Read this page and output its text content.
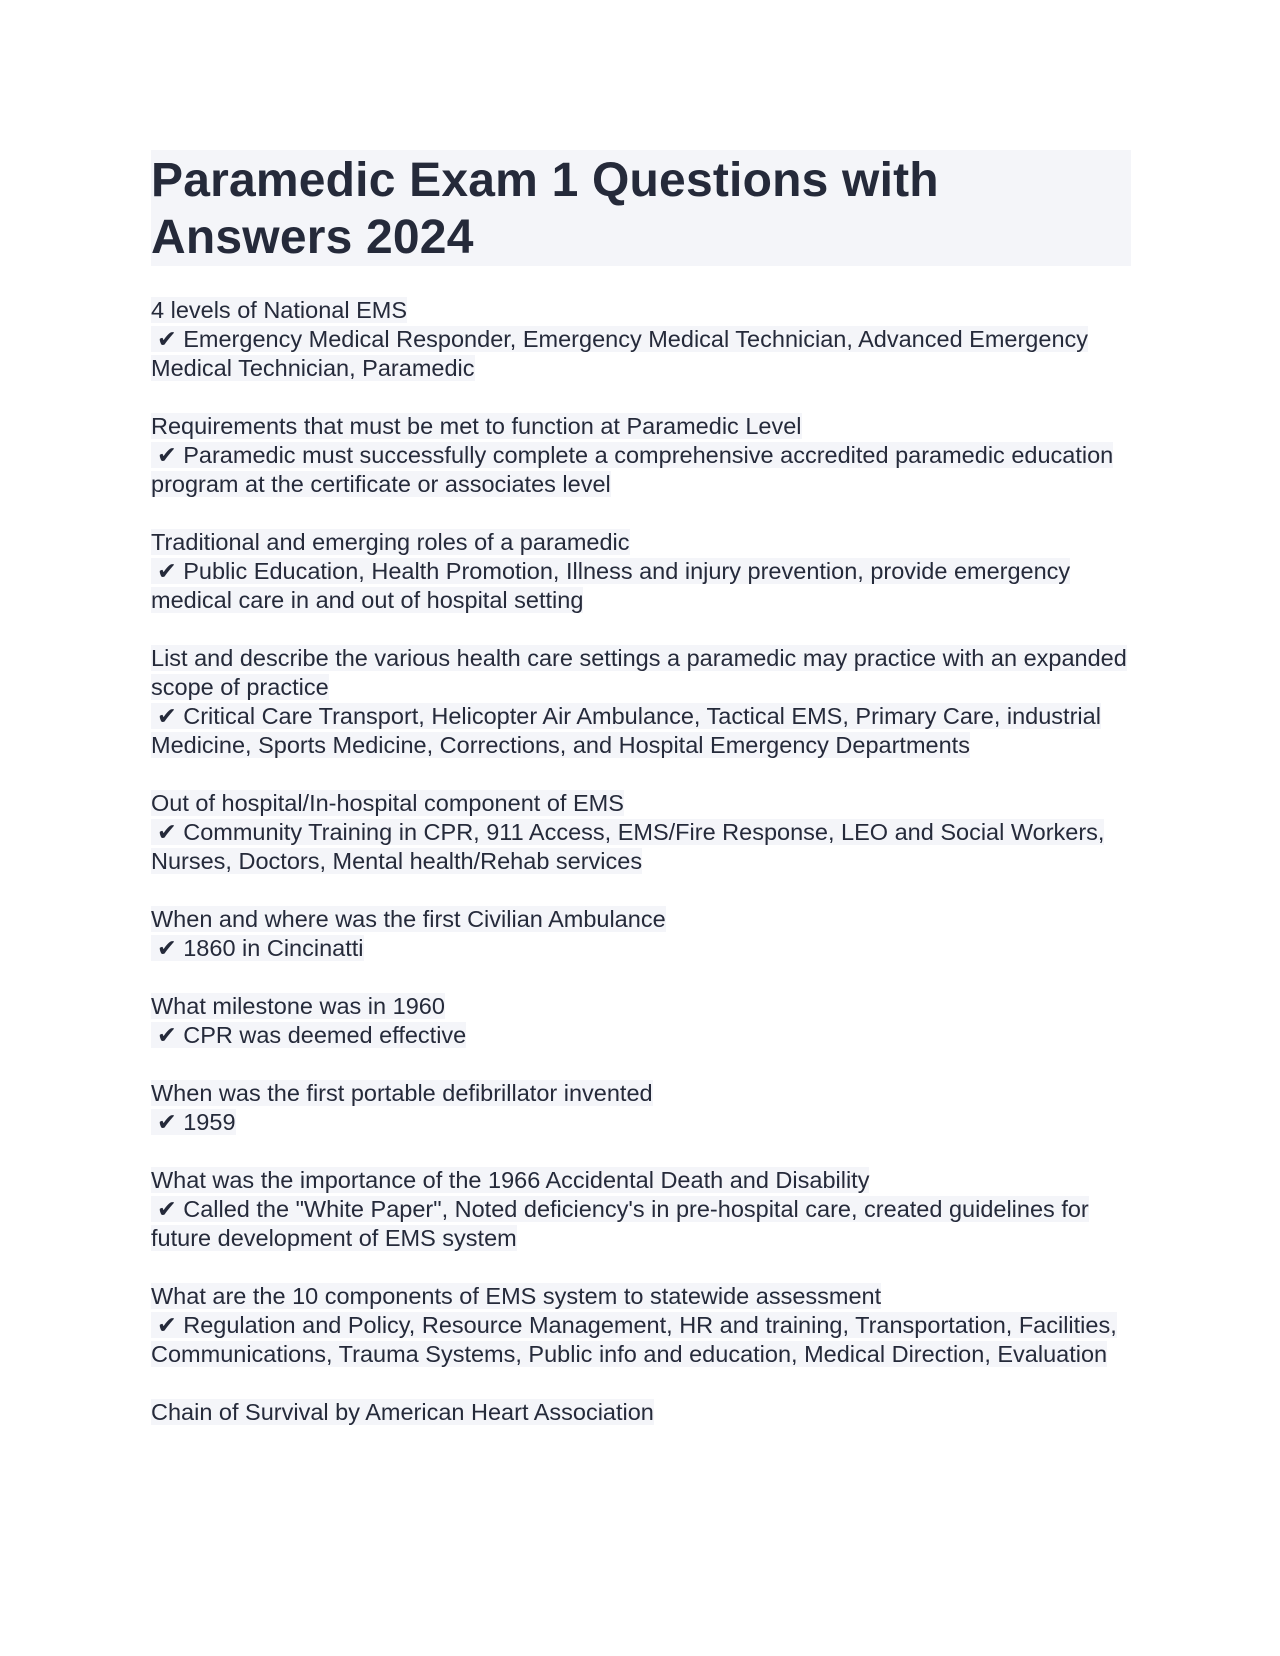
Paramedic Exam 1 Questions with Answers 2024

4 levels of National EMS
✔ Emergency Medical Responder, Emergency Medical Technician, Advanced Emergency Medical Technician, Paramedic

Requirements that must be met to function at Paramedic Level
✔ Paramedic must successfully complete a comprehensive accredited paramedic education program at the certificate or associates level

Traditional and emerging roles of a paramedic
✔ Public Education, Health Promotion, Illness and injury prevention, provide emergency medical care in and out of hospital setting

List and describe the various health care settings a paramedic may practice with an expanded scope of practice
✔ Critical Care Transport, Helicopter Air Ambulance, Tactical EMS, Primary Care, industrial Medicine, Sports Medicine, Corrections, and Hospital Emergency Departments

Out of hospital/In-hospital component of EMS
✔ Community Training in CPR, 911 Access, EMS/Fire Response, LEO and Social Workers, Nurses, Doctors, Mental health/Rehab services

When and where was the first Civilian Ambulance
✔ 1860 in Cincinatti

What milestone was in 1960
✔ CPR was deemed effective

When was the first portable defibrillator invented
✔ 1959

What was the importance of the 1966 Accidental Death and Disability
✔ Called the "White Paper", Noted deficiency's in pre-hospital care, created guidelines for future development of EMS system

What are the 10 components of EMS system to statewide assessment
✔ Regulation and Policy, Resource Management, HR and training, Transportation, Facilities, Communications, Trauma Systems, Public info and education, Medical Direction, Evaluation

Chain of Survival by American Heart Association
